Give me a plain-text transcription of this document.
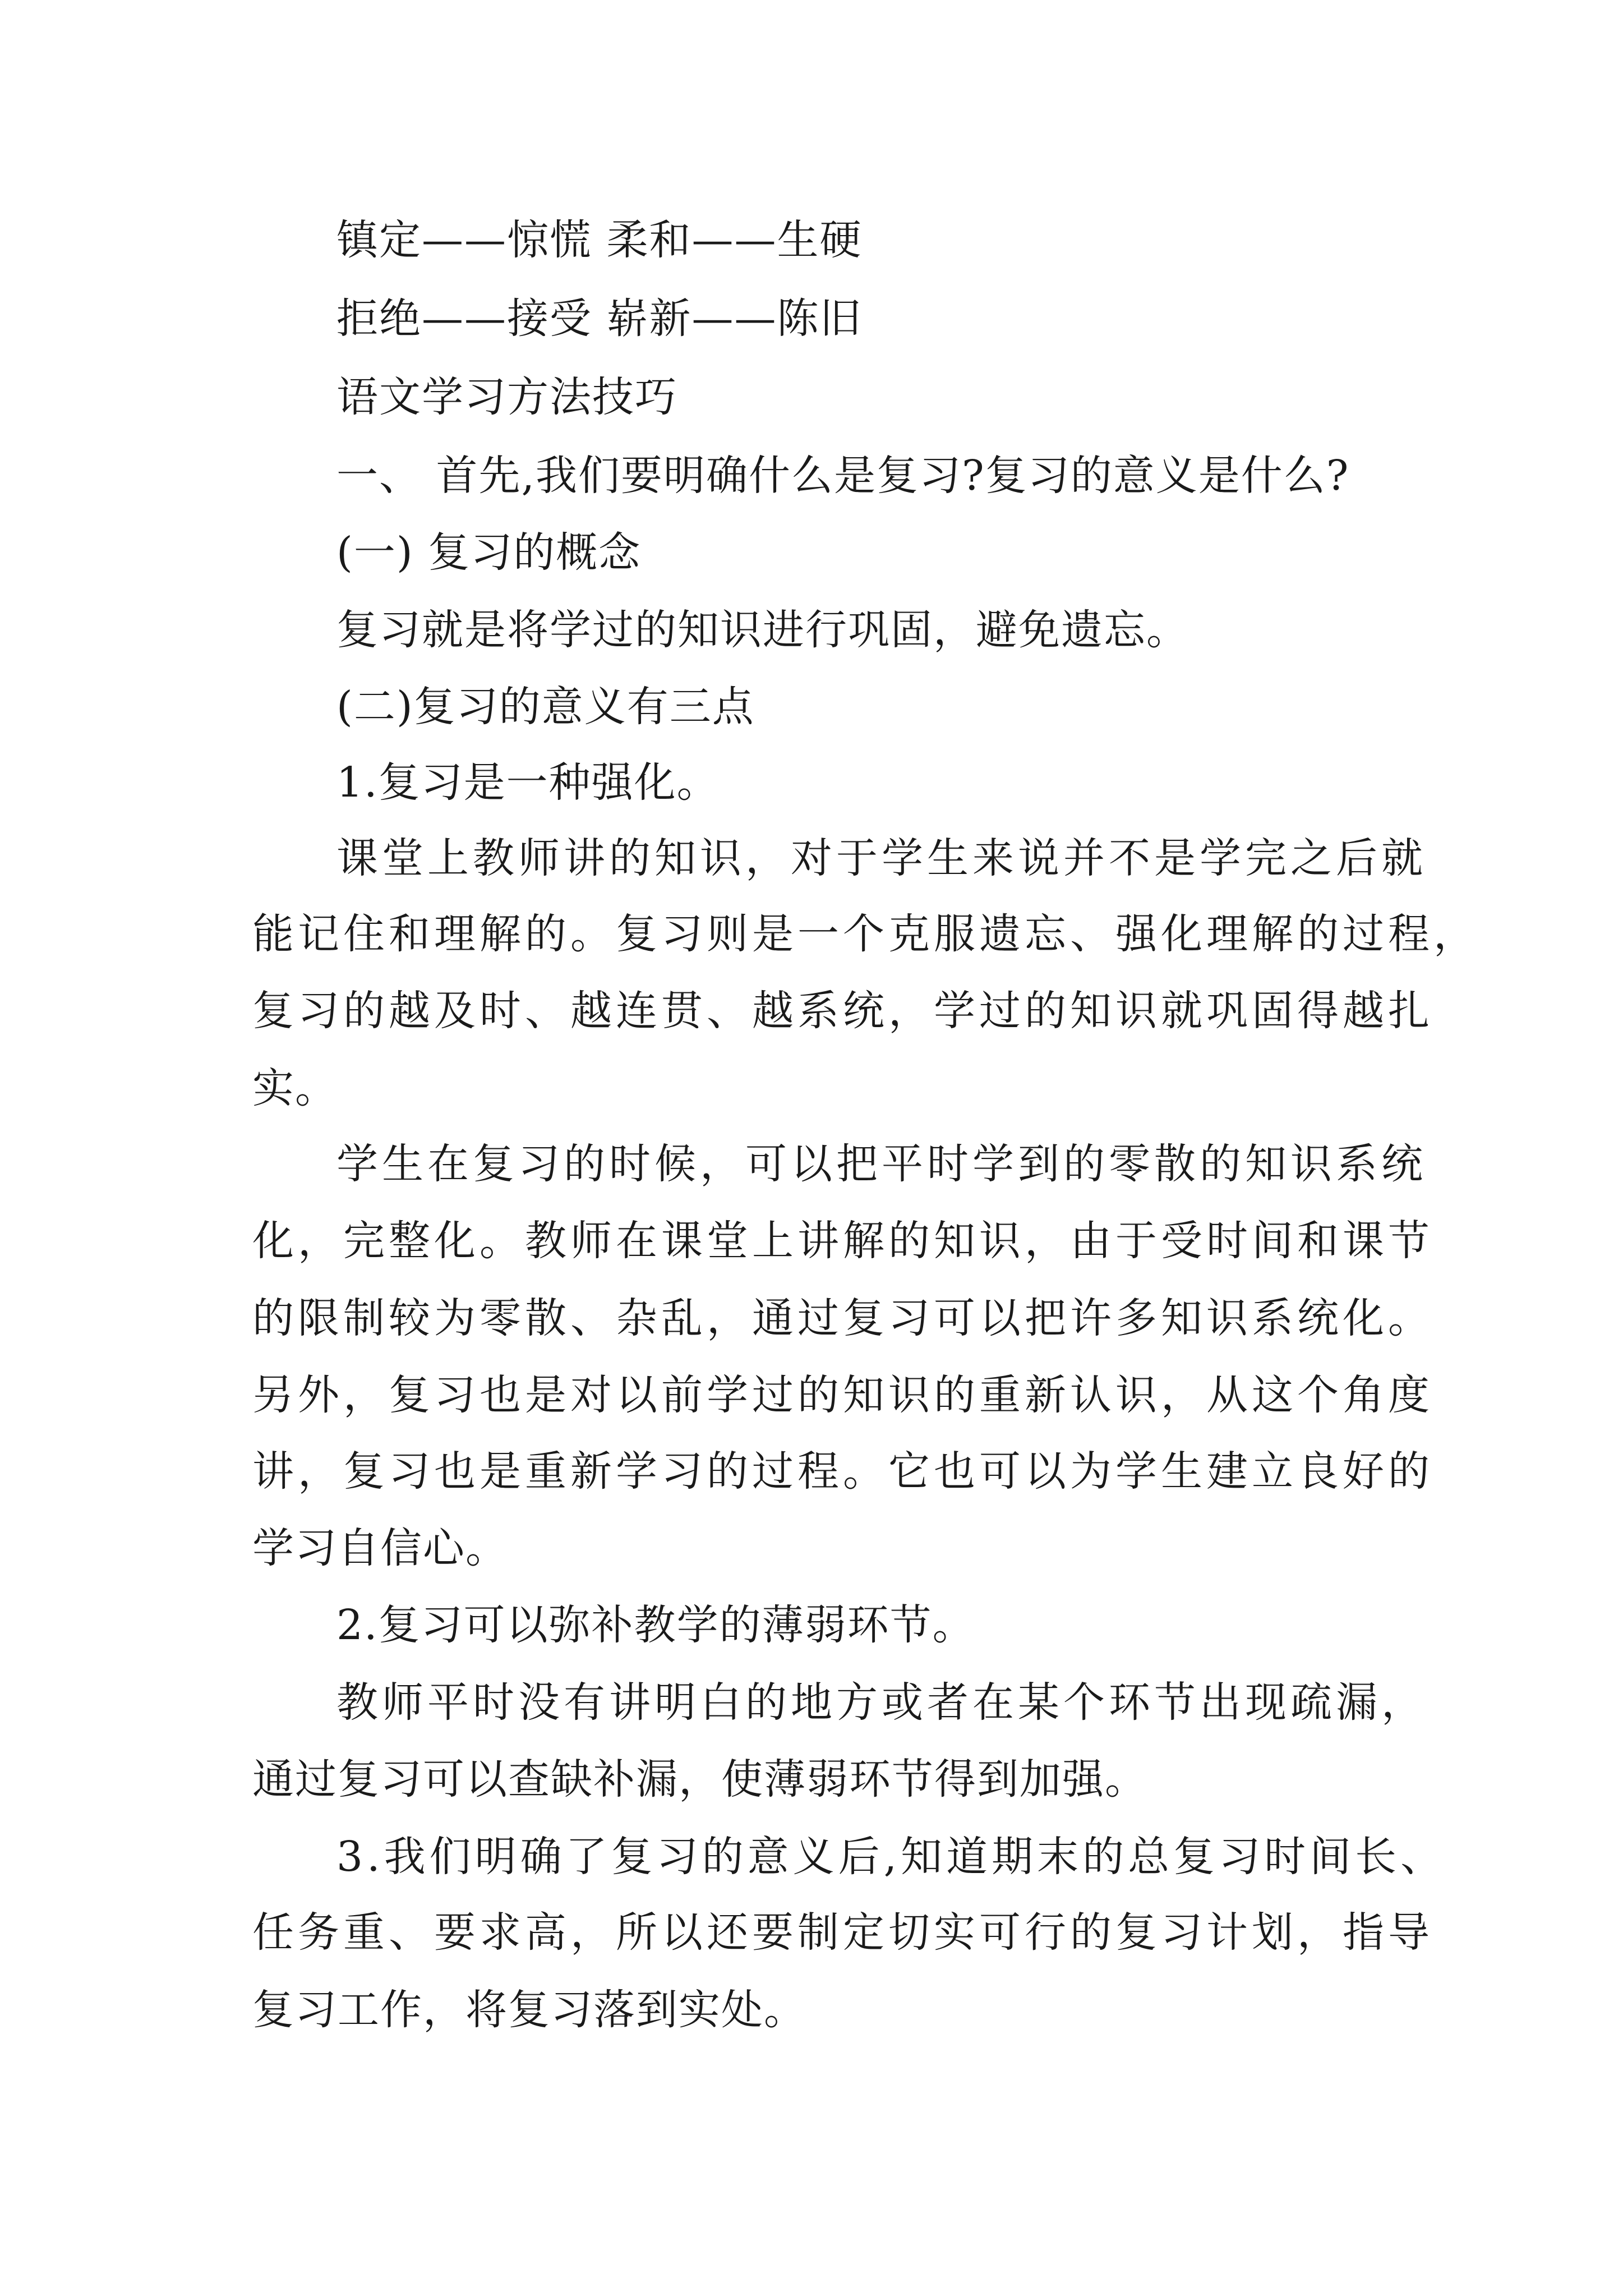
镇定——惊慌 柔和——生硬
拒绝——接受 崭新——陈旧
语文学习方法技巧
一、 首先,我们要明确什么是复习?复习的意义是什么?
(一) 复习的概念
复习就是将学过的知识进行巩固，避免遗忘。
(二)复习的意义有三点
1.复习是一种强化。
课堂上教师讲的知识，对于学生来说并不是学完之后就
能记住和理解的。复习则是一个克服遗忘、强化理解的过程，
复习的越及时、越连贯、越系统，学过的知识就巩固得越扎
实。
学生在复习的时候，可以把平时学到的零散的知识系统
化，完整化。教师在课堂上讲解的知识，由于受时间和课节
的限制较为零散、杂乱，通过复习可以把许多知识系统化。
另外，复习也是对以前学过的知识的重新认识，从这个角度
讲，复习也是重新学习的过程。它也可以为学生建立良好的
学习自信心。
2.复习可以弥补教学的薄弱环节。
教师平时没有讲明白的地方或者在某个环节出现疏漏，
通过复习可以查缺补漏，使薄弱环节得到加强。
3.我们明确了复习的意义后,知道期末的总复习时间长、
任务重、要求高，所以还要制定切实可行的复习计划，指导
复习工作，将复习落到实处。
